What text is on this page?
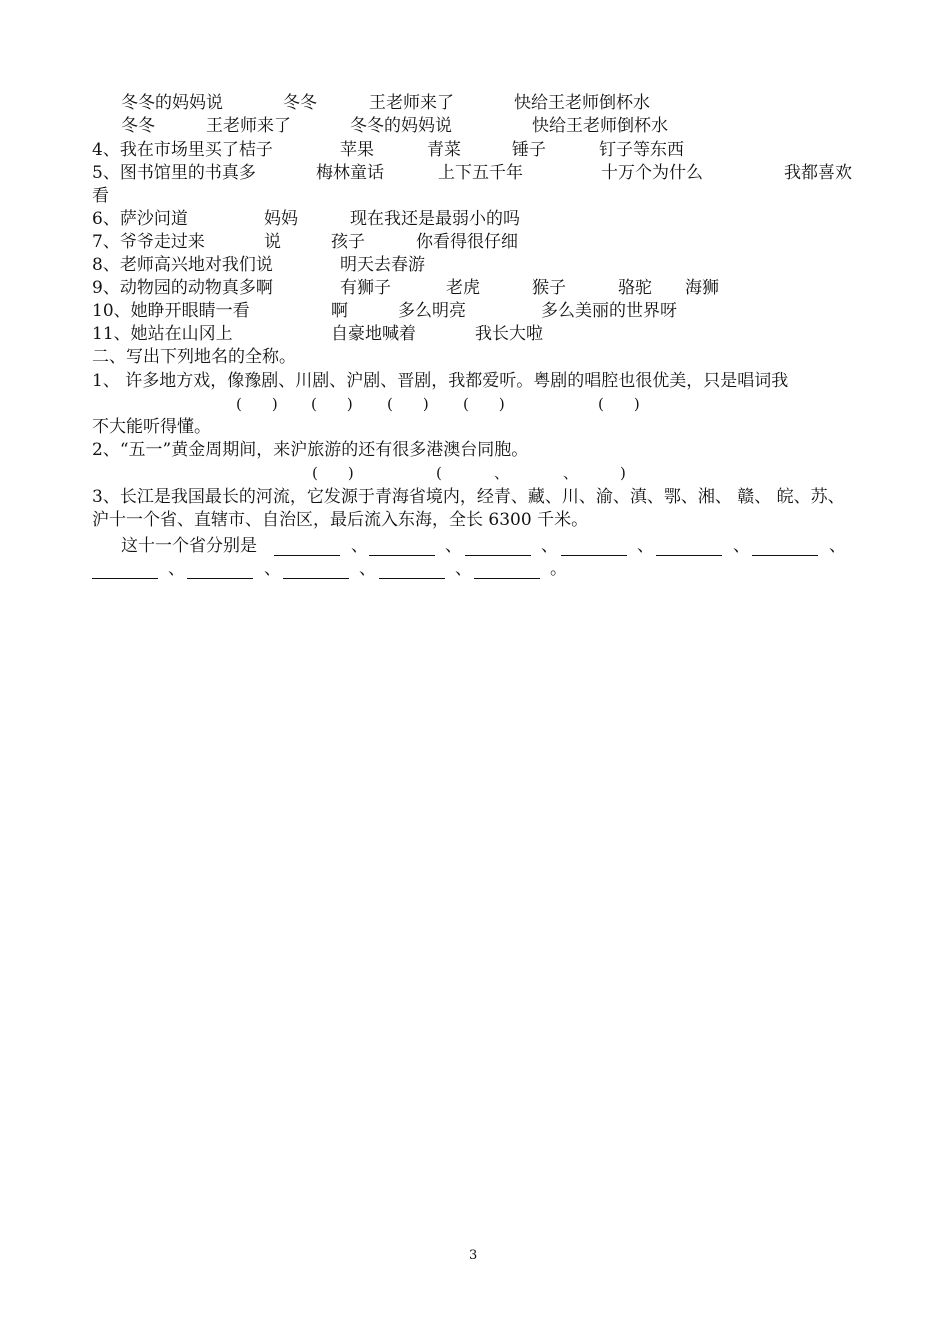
冬冬的妈妈说	冬冬	王老师来了	快给王老师倒杯水
冬冬	王老师来了	冬冬的妈妈说	快给王老师倒杯水
4、我在市场里买了桔子	苹果	青菜	锤子	钉子等东西
5、图书馆里的书真多	梅林童话	上下五千年	十万个为什么	我都喜欢
看
6、萨沙问道	妈妈	现在我还是最弱小的吗
7、爷爷走过来	说	孩子	你看得很仔细
8、老师高兴地对我们说	明天去春游
9、动物园的动物真多啊	有狮子	老虎	猴子	骆驼 海狮
10、她睁开眼睛一看	啊	多么明亮	多么美丽的世界呀
11、她站在山冈上	自豪地喊着	我长大啦
二、写出下列地名的全称。
1、 许多地方戏，像豫剧、川剧、沪剧、晋剧，我都爱听。粤剧的唱腔也很优美，只是唱词我
(　　) (　　) (　　) (　　)	(　　)
不大能听得懂。
2、“五一”黄金周期间，来沪旅游的还有很多港澳台同胞。
(　　)	(	、	、	)
3、长江是我国最长的河流，它发源于青海省境内，经青、藏、川、渝、滇、鄂、湘、 赣、 皖、苏、
沪十一个省、直辖市、自治区，最后流入东海，全长 6300 千米。
这十一个省分别是	、	、	、	、	、	、
、	、	、	、	。
3
